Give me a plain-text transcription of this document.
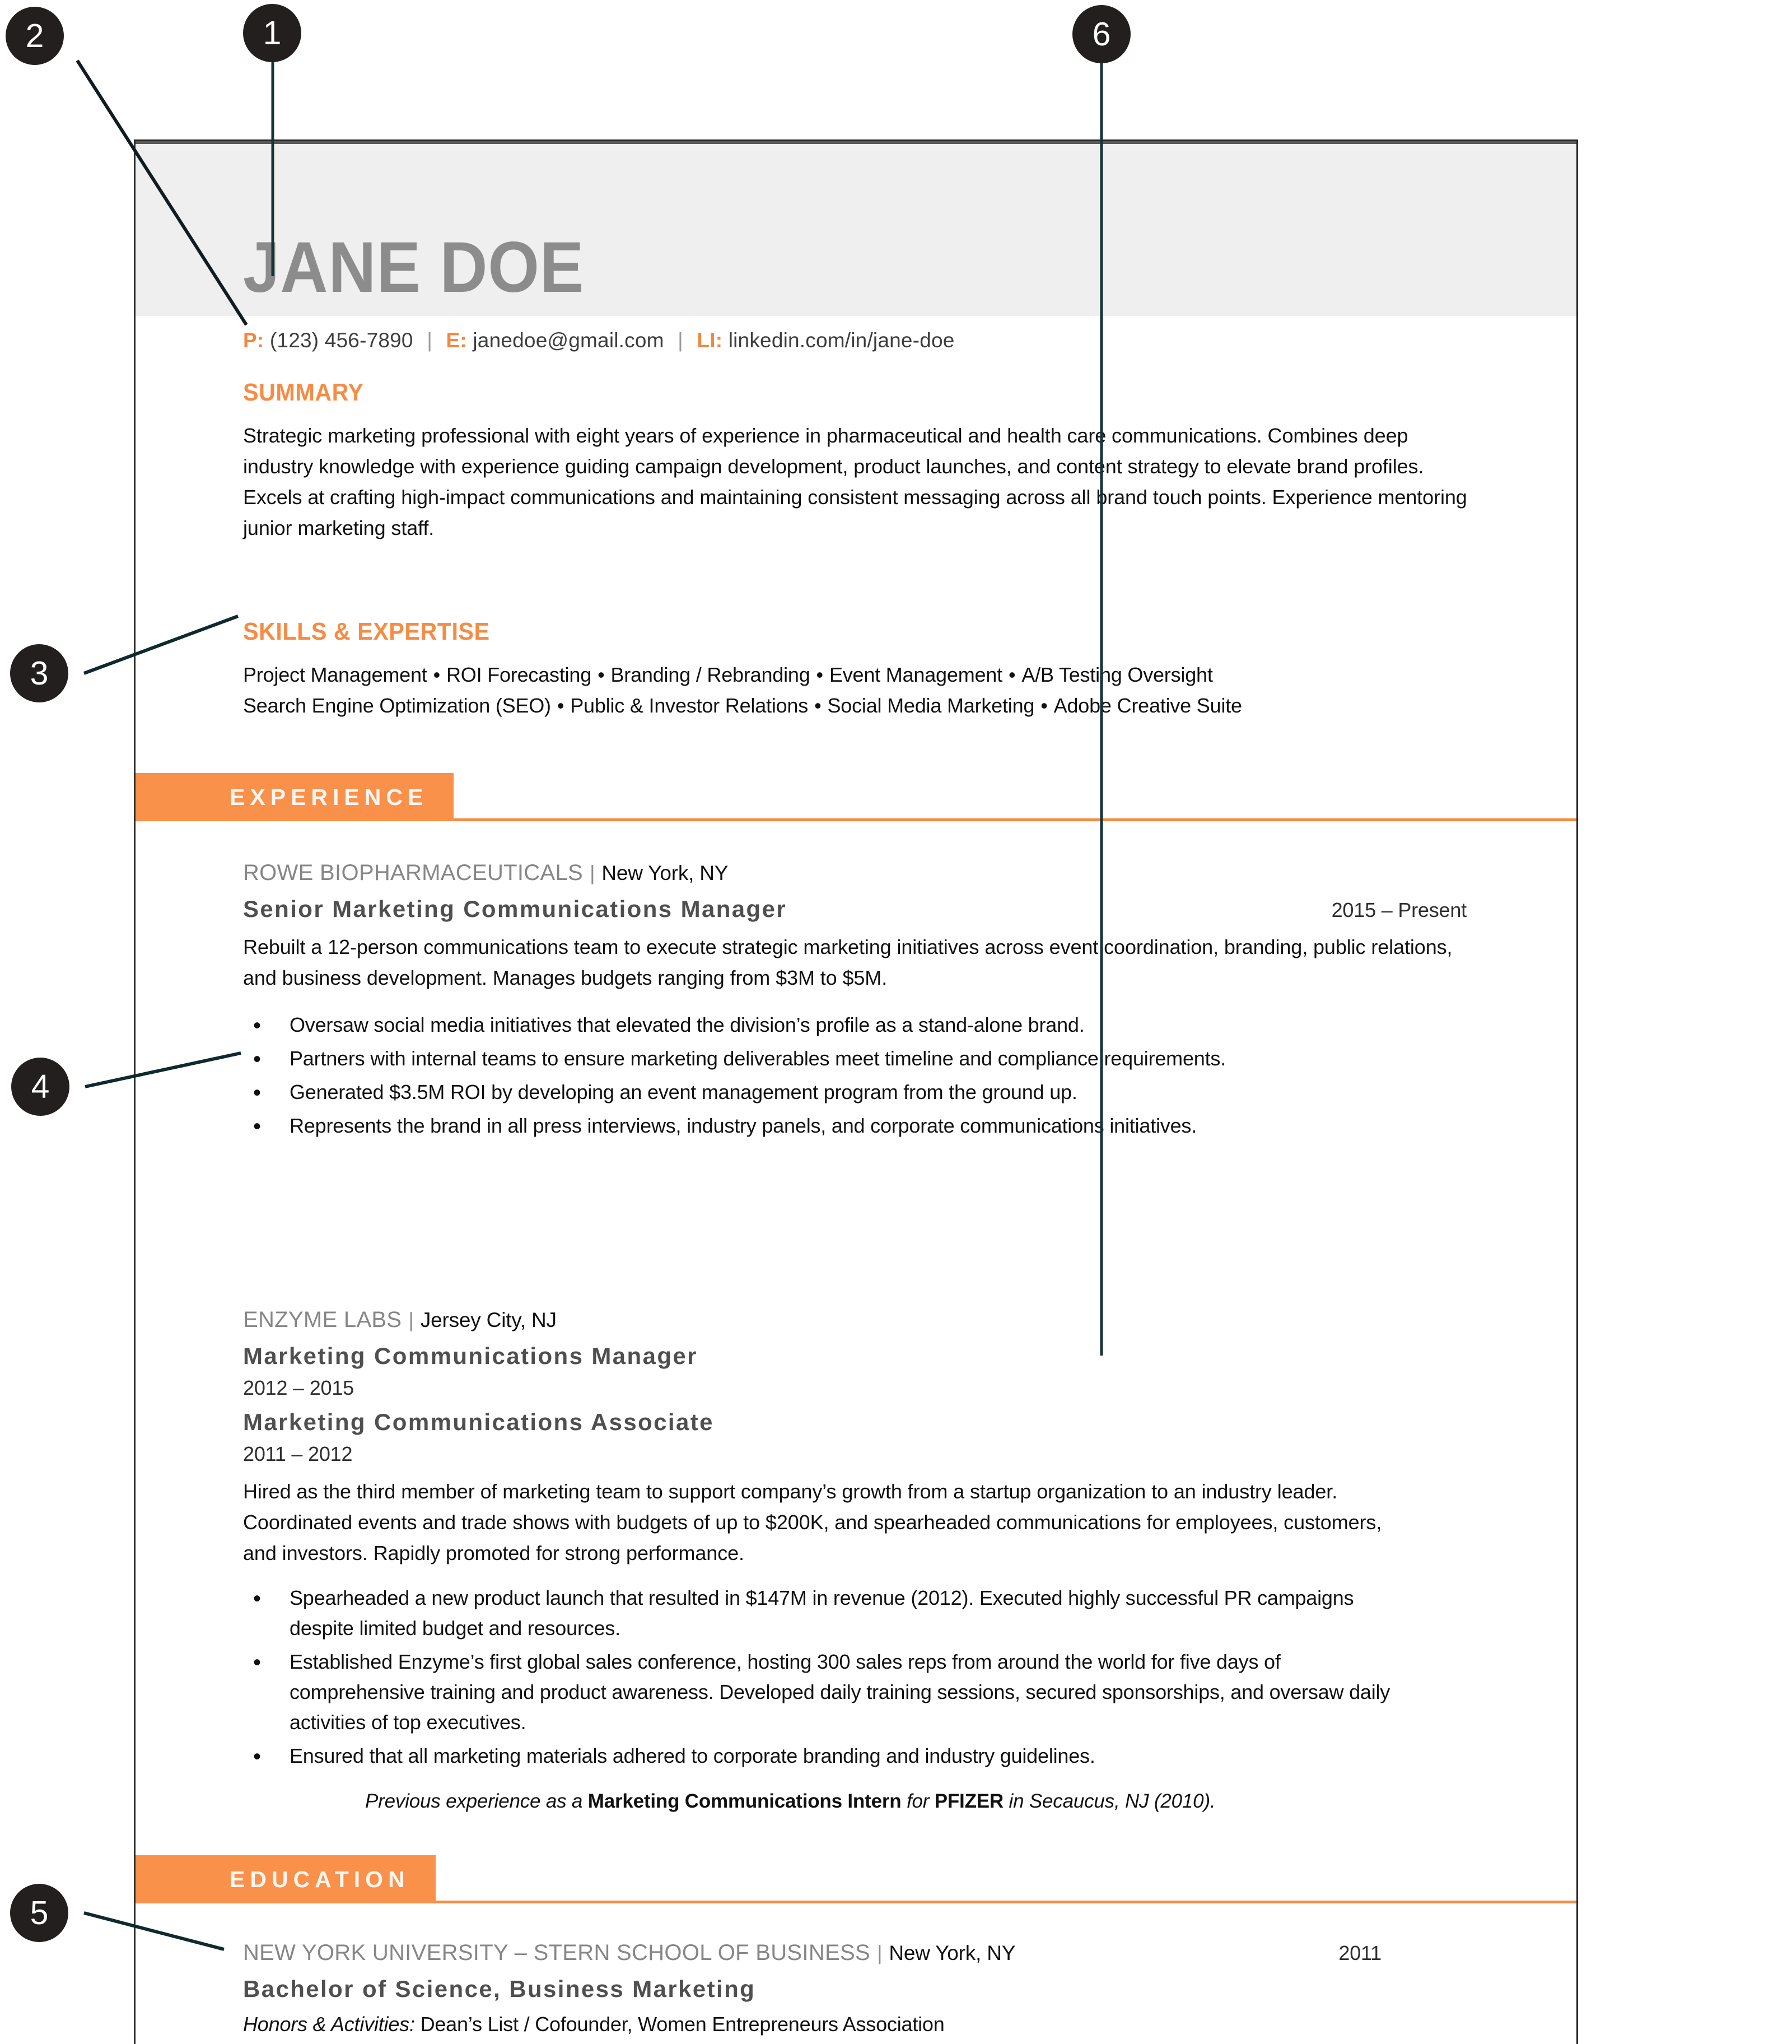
JANE DOE
P: (123) 456-7890 | E: janedoe@gmail.com | LI: linkedin.com/in/jane-doe
SUMMARY
Strategic marketing professional with eight years of experience in pharmaceutical and health care communications. Combines deep industry knowledge with experience guiding campaign development, product launches, and content strategy to elevate brand profiles. Excels at crafting high-impact communications and maintaining consistent messaging across all brand touch points. Experience mentoring junior marketing staff.
SKILLS & EXPERTISE
Project Management • ROI Forecasting • Branding / Rebranding • Event Management • A/B Testing Oversight
Search Engine Optimization (SEO) • Public & Investor Relations • Social Media Marketing • Adobe Creative Suite
EXPERIENCE
ROWE BIOPHARMACEUTICALS | New York, NY
Senior Marketing Communications Manager	2015 – Present
Rebuilt a 12-person communications team to execute strategic marketing initiatives across event coordination, branding, public relations, and business development. Manages budgets ranging from $3M to $5M.
• Oversaw social media initiatives that elevated the division’s profile as a stand-alone brand.
• Partners with internal teams to ensure marketing deliverables meet timeline and compliance requirements.
• Generated $3.5M ROI by developing an event management program from the ground up.
• Represents the brand in all press interviews, industry panels, and corporate communications initiatives.
ENZYME LABS | Jersey City, NJ
Marketing Communications Manager
2012 – 2015
Marketing Communications Associate
2011 – 2012
Hired as the third member of marketing team to support company’s growth from a startup organization to an industry leader. Coordinated events and trade shows with budgets of up to $200K, and spearheaded communications for employees, customers, and investors. Rapidly promoted for strong performance.
• Spearheaded a new product launch that resulted in $147M in revenue (2012). Executed highly successful PR campaigns despite limited budget and resources.
• Established Enzyme’s first global sales conference, hosting 300 sales reps from around the world for five days of comprehensive training and product awareness. Developed daily training sessions, secured sponsorships, and oversaw daily activities of top executives.
• Ensured that all marketing materials adhered to corporate branding and industry guidelines.
Previous experience as a Marketing Communications Intern for PFIZER in Secaucus, NJ (2010).
EDUCATION
NEW YORK UNIVERSITY – STERN SCHOOL OF BUSINESS | New York, NY	2011
Bachelor of Science, Business Marketing
Honors & Activities: Dean’s List / Cofounder, Women Entrepreneurs Association
1
2
3
4
5
6
